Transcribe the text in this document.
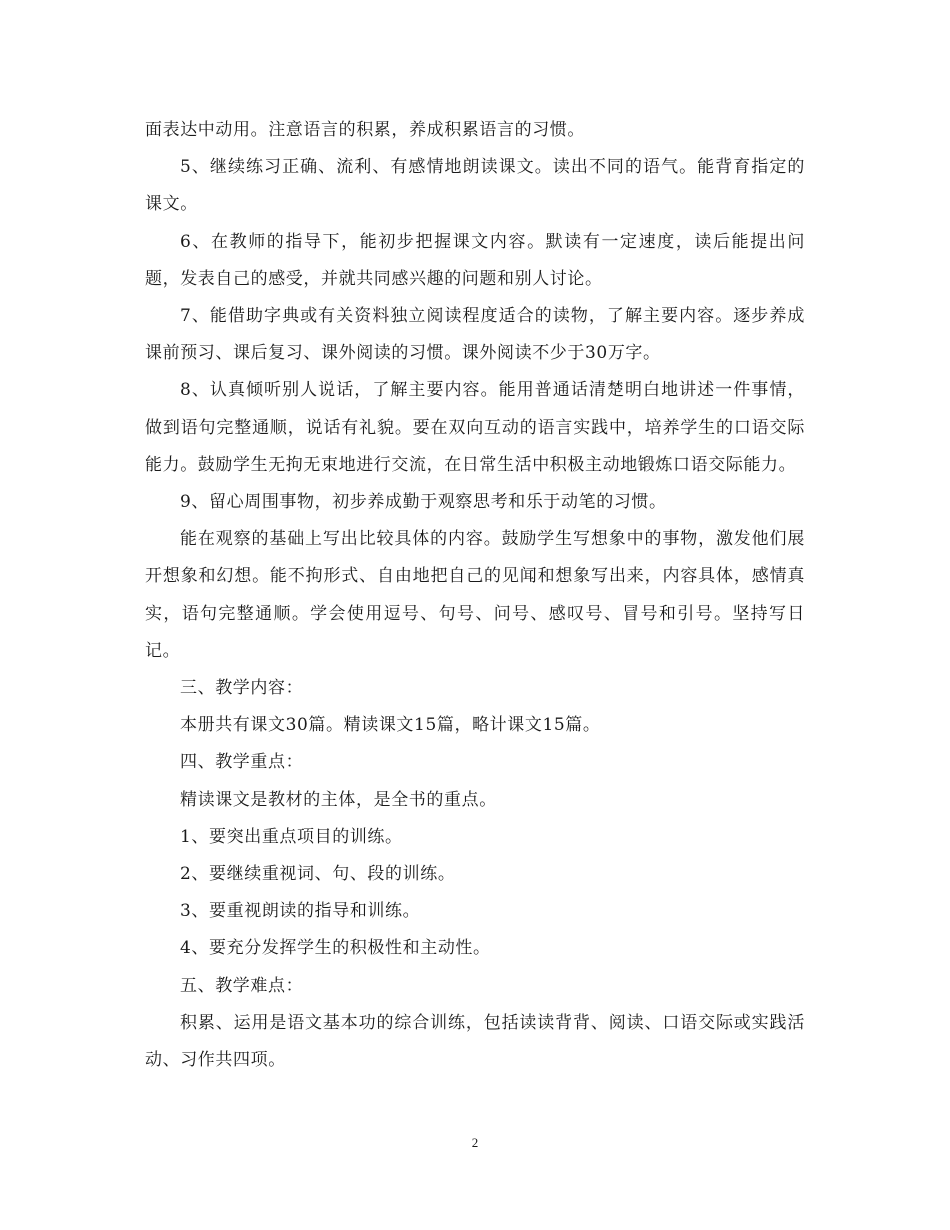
面表达中动用。注意语言的积累，养成积累语言的习惯。

5、继续练习正确、流利、有感情地朗读课文。读出不同的语气。能背育指定的课文。

6、在教师的指导下，能初步把握课文内容。默读有一定速度，读后能提出问题，发表自己的感受，并就共同感兴趣的问题和别人讨论。

7、能借助字典或有关资料独立阅读程度适合的读物，了解主要内容。逐步养成课前预习、课后复习、课外阅读的习惯。课外阅读不少于30万字。

8、认真倾听别人说话，了解主要内容。能用普通话清楚明白地讲述一件事情，做到语句完整通顺，说话有礼貌。要在双向互动的语言实践中，培养学生的口语交际能力。鼓励学生无拘无束地进行交流，在日常生活中积极主动地锻炼口语交际能力。

9、留心周围事物，初步养成勤于观察思考和乐于动笔的习惯。

能在观察的基础上写出比较具体的内容。鼓励学生写想象中的事物，激发他们展开想象和幻想。能不拘形式、自由地把自己的见闻和想象写出来，内容具体，感情真实，语句完整通顺。学会使用逗号、句号、问号、感叹号、冒号和引号。坚持写日记。

三、教学内容：

本册共有课文30篇。精读课文15篇，略计课文15篇。

四、教学重点：

精读课文是教材的主体，是全书的重点。

1、要突出重点项目的训练。

2、要继续重视词、句、段的训练。

3、要重视朗读的指导和训练。

4、要充分发挥学生的积极性和主动性。

五、教学难点：

积累、运用是语文基本功的综合训练，包括读读背背、阅读、口语交际或实践活动、习作共四项。

2
